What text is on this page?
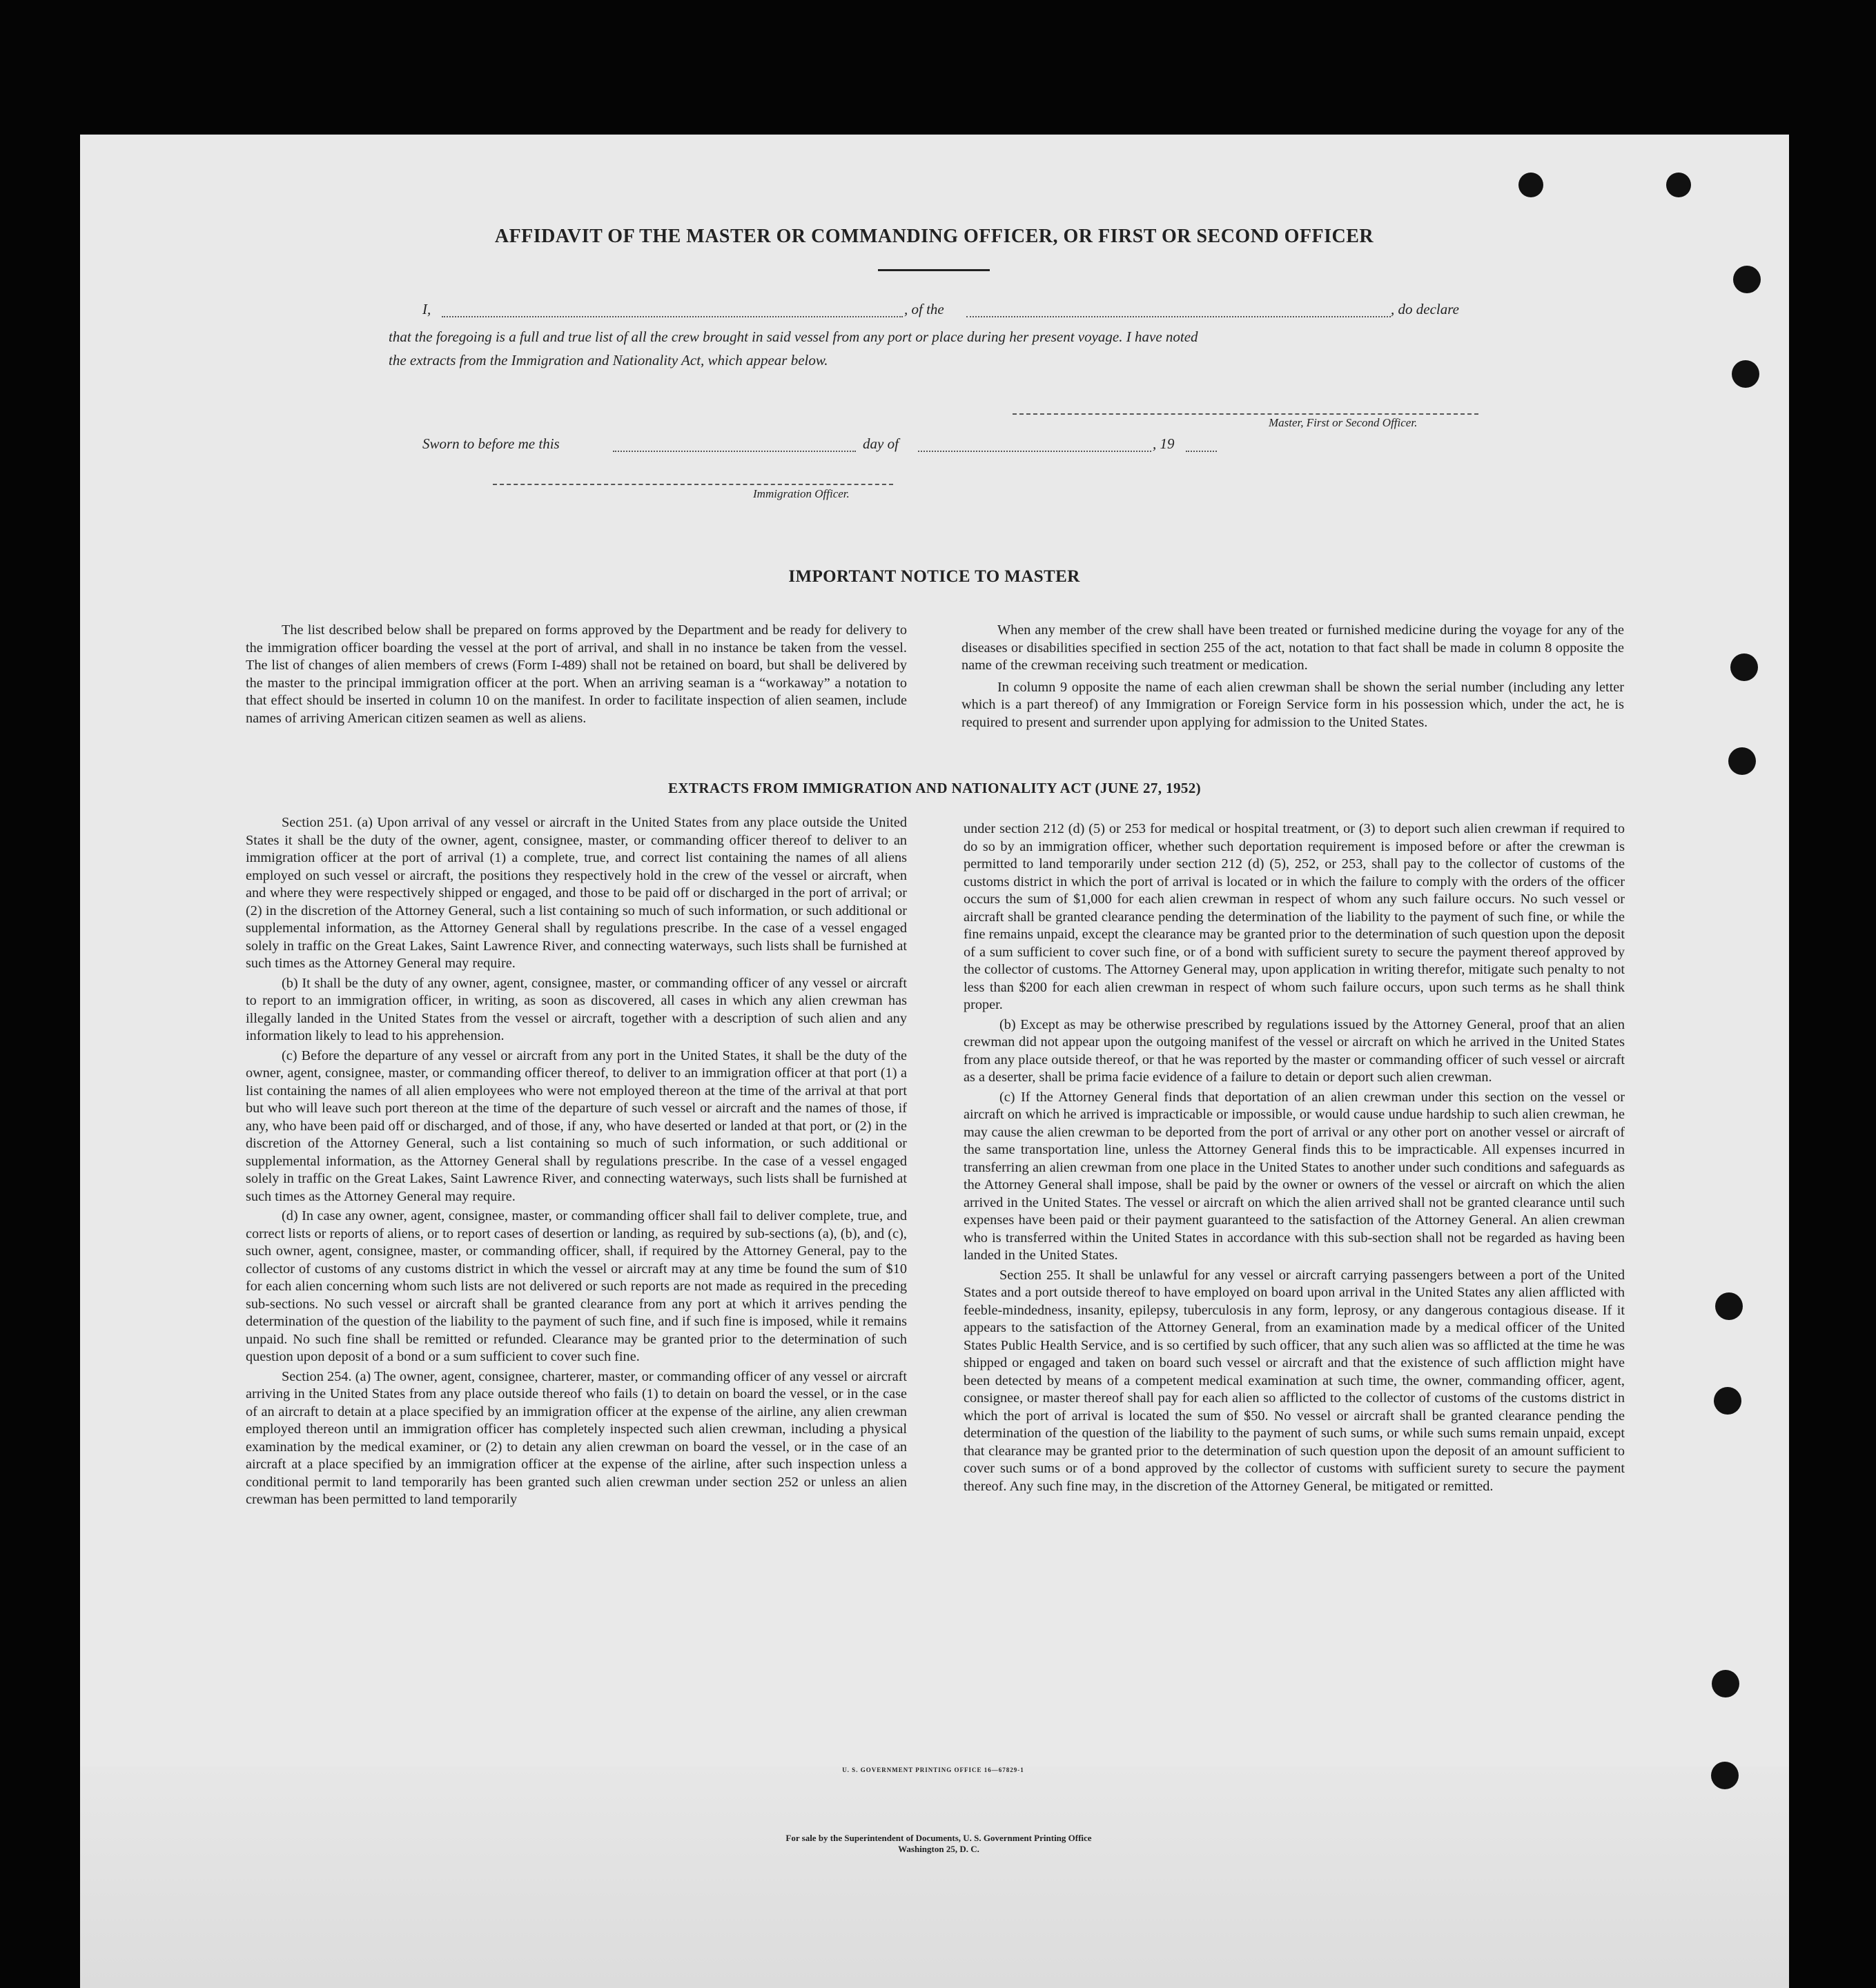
AFFIDAVIT OF THE MASTER OR COMMANDING OFFICER, OR FIRST OR SECOND OFFICER
I,	, of the	, do declare
that the foregoing is a full and true list of all the crew brought in said vessel from any port or place during her present voyage. I have noted
the extracts from the Immigration and Nationality Act, which appear below.
Master, First or Second Officer.
Sworn to before me this	day of	, 19
Immigration Officer.
IMPORTANT NOTICE TO MASTER

The list described below shall be prepared on forms approved by the Department and be ready for delivery to the immigration officer boarding the vessel at the port of arrival, and shall in no instance be taken from the vessel. The list of changes of alien members of crews (Form I-489) shall not be retained on board, but shall be delivered by the master to the principal immigration officer at the port. When an arriving seaman is a “workaway” a notation to that effect should be inserted in column 10 on the manifest. In order to facilitate inspection of alien seamen, include names of arriving American citizen seamen as well as aliens.

When any member of the crew shall have been treated or furnished medicine during the voyage for any of the diseases or disabilities specified in section 255 of the act, notation to that fact shall be made in column 8 opposite the name of the crewman receiving such treatment or medication.

In column 9 opposite the name of each alien crewman shall be shown the serial number (including any letter which is a part thereof) of any Immigration or Foreign Service form in his possession which, under the act, he is required to present and surrender upon applying for admission to the United States.

EXTRACTS FROM IMMIGRATION AND NATIONALITY ACT (JUNE 27, 1952)

Section 251. (a) Upon arrival of any vessel or aircraft in the United States from any place outside the United States it shall be the duty of the owner, agent, consignee, master, or commanding officer thereof to deliver to an immigration officer at the port of arrival (1) a complete, true, and correct list containing the names of all aliens employed on such vessel or aircraft, the positions they respectively hold in the crew of the vessel or aircraft, when and where they were respectively shipped or engaged, and those to be paid off or discharged in the port of arrival; or (2) in the discretion of the Attorney General, such a list containing so much of such information, or such additional or supplemental information, as the Attorney General shall by regulations prescribe. In the case of a vessel engaged solely in traffic on the Great Lakes, Saint Lawrence River, and connecting waterways, such lists shall be furnished at such times as the Attorney General may require.

(b) It shall be the duty of any owner, agent, consignee, master, or commanding officer of any vessel or aircraft to report to an immigration officer, in writing, as soon as discovered, all cases in which any alien crewman has illegally landed in the United States from the vessel or aircraft, together with a description of such alien and any information likely to lead to his apprehension.

(c) Before the departure of any vessel or aircraft from any port in the United States, it shall be the duty of the owner, agent, consignee, master, or commanding officer thereof, to deliver to an immigration officer at that port (1) a list containing the names of all alien employees who were not employed thereon at the time of the arrival at that port but who will leave such port thereon at the time of the departure of such vessel or aircraft and the names of those, if any, who have been paid off or discharged, and of those, if any, who have deserted or landed at that port, or (2) in the discretion of the Attorney General, such a list containing so much of such information, or such additional or supplemental information, as the Attorney General shall by regulations prescribe. In the case of a vessel engaged solely in traffic on the Great Lakes, Saint Lawrence River, and connecting waterways, such lists shall be furnished at such times as the Attorney General may require.

(d) In case any owner, agent, consignee, master, or commanding officer shall fail to deliver complete, true, and correct lists or reports of aliens, or to report cases of desertion or landing, as required by sub-sections (a), (b), and (c), such owner, agent, consignee, master, or commanding officer, shall, if required by the Attorney General, pay to the collector of customs of any customs district in which the vessel or aircraft may at any time be found the sum of $10 for each alien concerning whom such lists are not delivered or such reports are not made as required in the preceding sub-sections. No such vessel or aircraft shall be granted clearance from any port at which it arrives pending the determination of the question of the liability to the payment of such fine, and if such fine is imposed, while it remains unpaid. No such fine shall be remitted or refunded. Clearance may be granted prior to the determination of such question upon deposit of a bond or a sum sufficient to cover such fine.

Section 254. (a) The owner, agent, consignee, charterer, master, or commanding officer of any vessel or aircraft arriving in the United States from any place outside thereof who fails (1) to detain on board the vessel, or in the case of an aircraft to detain at a place specified by an immigration officer at the expense of the airline, any alien crewman employed thereon until an immigration officer has completely inspected such alien crewman, including a physical examination by the medical examiner, or (2) to detain any alien crewman on board the vessel, or in the case of an aircraft at a place specified by an immigration officer at the expense of the airline, after such inspection unless a conditional permit to land temporarily has been granted such alien crewman under section 252 or unless an alien crewman has been permitted to land temporarily

under section 212 (d) (5) or 253 for medical or hospital treatment, or (3) to deport such alien crewman if required to do so by an immigration officer, whether such deportation requirement is imposed before or after the crewman is permitted to land temporarily under section 212 (d) (5), 252, or 253, shall pay to the collector of customs of the customs district in which the port of arrival is located or in which the failure to comply with the orders of the officer occurs the sum of $1,000 for each alien crewman in respect of whom any such failure occurs. No such vessel or aircraft shall be granted clearance pending the determination of the liability to the payment of such fine, or while the fine remains unpaid, except the clearance may be granted prior to the determination of such question upon the deposit of a sum sufficient to cover such fine, or of a bond with sufficient surety to secure the payment thereof approved by the collector of customs. The Attorney General may, upon application in writing therefor, mitigate such penalty to not less than $200 for each alien crewman in respect of whom such failure occurs, upon such terms as he shall think proper.

(b) Except as may be otherwise prescribed by regulations issued by the Attorney General, proof that an alien crewman did not appear upon the outgoing manifest of the vessel or aircraft on which he arrived in the United States from any place outside thereof, or that he was reported by the master or commanding officer of such vessel or aircraft as a deserter, shall be prima facie evidence of a failure to detain or deport such alien crewman.

(c) If the Attorney General finds that deportation of an alien crewman under this section on the vessel or aircraft on which he arrived is impracticable or impossible, or would cause undue hardship to such alien crewman, he may cause the alien crewman to be deported from the port of arrival or any other port on another vessel or aircraft of the same transportation line, unless the Attorney General finds this to be impracticable. All expenses incurred in transferring an alien crewman from one place in the United States to another under such conditions and safeguards as the Attorney General shall impose, shall be paid by the owner or owners of the vessel or aircraft on which the alien arrived in the United States. The vessel or aircraft on which the alien arrived shall not be granted clearance until such expenses have been paid or their payment guaranteed to the satisfaction of the Attorney General. An alien crewman who is transferred within the United States in accordance with this sub-section shall not be regarded as having been landed in the United States.

Section 255. It shall be unlawful for any vessel or aircraft carrying passengers between a port of the United States and a port outside thereof to have employed on board upon arrival in the United States any alien afflicted with feeble-mindedness, insanity, epilepsy, tuberculosis in any form, leprosy, or any dangerous contagious disease. If it appears to the satisfaction of the Attorney General, from an examination made by a medical officer of the United States Public Health Service, and is so certified by such officer, that any such alien was so afflicted at the time he was shipped or engaged and taken on board such vessel or aircraft and that the existence of such affliction might have been detected by means of a competent medical examination at such time, the owner, commanding officer, agent, consignee, or master thereof shall pay for each alien so afflicted to the collector of customs of the customs district in which the port of arrival is located the sum of $50. No vessel or aircraft shall be granted clearance pending the determination of the question of the liability to the payment of such sums, or while such sums remain unpaid, except that clearance may be granted prior to the determination of such question upon the deposit of an amount sufficient to cover such sums or of a bond approved by the collector of customs with sufficient surety to secure the payment thereof. Any such fine may, in the discretion of the Attorney General, be mitigated or remitted.

U. S. GOVERNMENT PRINTING OFFICE 16—67829-1
For sale by the Superintendent of Documents, U. S. Government Printing Office
Washington 25, D. C.
